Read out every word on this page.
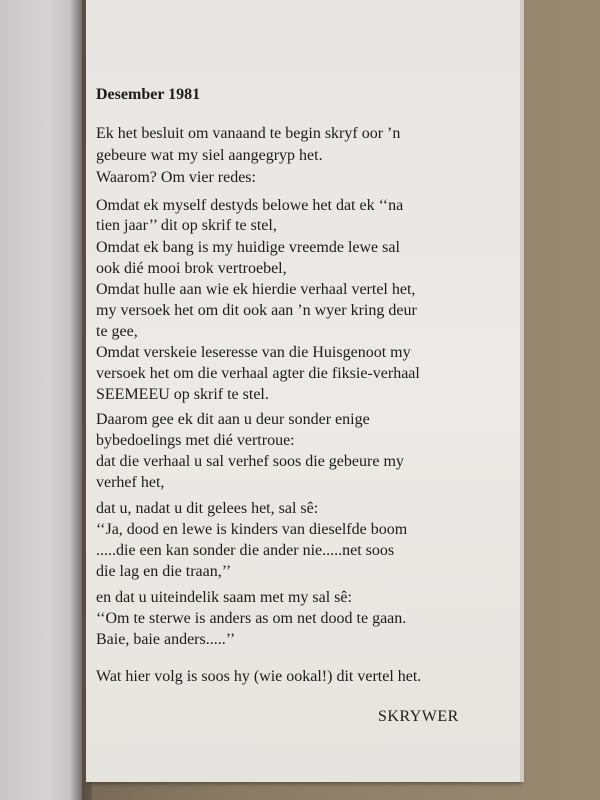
Desember 1981
Ek het besluit om vanaand te begin skryf oor ’n
gebeure wat my siel aangegryp het.
Waarom? Om vier redes:
Omdat ek myself destyds belowe het dat ek ‘‘na
tien jaar’’ dit op skrif te stel,
Omdat ek bang is my huidige vreemde lewe sal
ook dié mooi brok vertroebel,
Omdat hulle aan wie ek hierdie verhaal vertel het,
my versoek het om dit ook aan ’n wyer kring deur
te gee,
Omdat verskeie leseresse van die Huisgenoot my
versoek het om die verhaal agter die fiksie-verhaal
SEEMEEU op skrif te stel.
Daarom gee ek dit aan u deur sonder enige
bybedoelings met dié vertroue:
dat die verhaal u sal verhef soos die gebeure my
verhef het,
dat u, nadat u dit gelees het, sal sê:
‘‘Ja, dood en lewe is kinders van dieselfde boom
.....die een kan sonder die ander nie.....net soos
die lag en die traan,’’
en dat u uiteindelik saam met my sal sê:
‘‘Om te sterwe is anders as om net dood te gaan.
Baie, baie anders.....’’
Wat hier volg is soos hy (wie ookal!) dit vertel het.
SKRYWER
